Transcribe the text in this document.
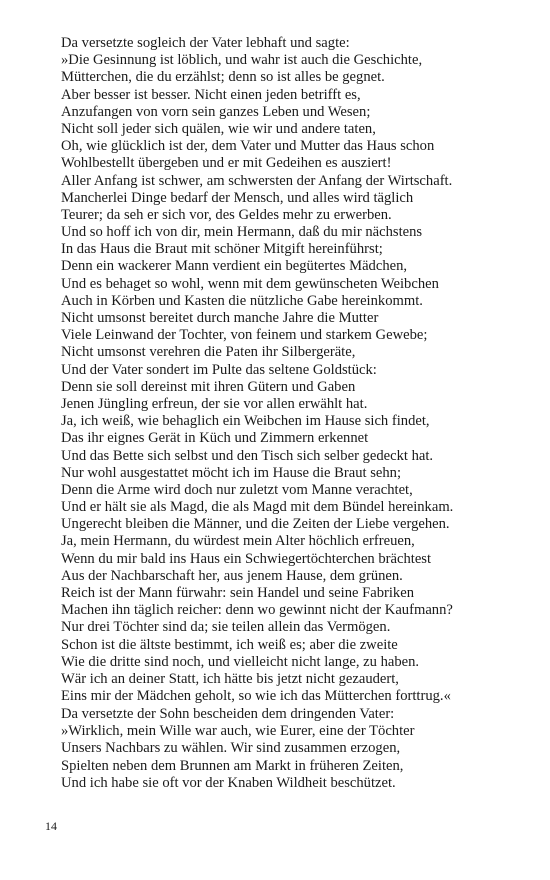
Da versetzte sogleich der Vater lebhaft und sagte:
»Die Gesinnung ist löblich, und wahr ist auch die Geschichte,
Mütterchen, die du erzählst; denn so ist alles be gegnet.
Aber besser ist besser. Nicht einen jeden betrifft es,
Anzufangen von vorn sein ganzes Leben und Wesen;
Nicht soll jeder sich quälen, wie wir und andere taten,
Oh, wie glücklich ist der, dem Vater und Mutter das Haus schon
Wohlbestellt übergeben und er mit Gedeihen es ausziert!
Aller Anfang ist schwer, am schwersten der Anfang der Wirtschaft.
Mancherlei Dinge bedarf der Mensch, und alles wird täglich
Teurer; da seh er sich vor, des Geldes mehr zu erwerben.
Und so hoff ich von dir, mein Hermann, daß du mir nächstens
In das Haus die Braut mit schöner Mitgift hereinführst;
Denn ein wackerer Mann verdient ein begütertes Mädchen,
Und es behaget so wohl, wenn mit dem gewünscheten Weibchen
Auch in Körben und Kasten die nützliche Gabe hereinkommt.
Nicht umsonst bereitet durch manche Jahre die Mutter
Viele Leinwand der Tochter, von feinem und starkem Gewebe;
Nicht umsonst verehren die Paten ihr Silbergeräte,
Und der Vater sondert im Pulte das seltene Goldstück:
Denn sie soll dereinst mit ihren Gütern und Gaben
Jenen Jüngling erfreun, der sie vor allen erwählt hat.
Ja, ich weiß, wie behaglich ein Weibchen im Hause sich findet,
Das ihr eignes Gerät in Küch und Zimmern erkennet
Und das Bette sich selbst und den Tisch sich selber gedeckt hat.
Nur wohl ausgestattet möcht ich im Hause die Braut sehn;
Denn die Arme wird doch nur zuletzt vom Manne verachtet,
Und er hält sie als Magd, die als Magd mit dem Bündel hereinkam.
Ungerecht bleiben die Männer, und die Zeiten der Liebe vergehen.
Ja, mein Hermann, du würdest mein Alter höchlich erfreuen,
Wenn du mir bald ins Haus ein Schwiegertöchterchen brächtest
Aus der Nachbarschaft her, aus jenem Hause, dem grünen.
Reich ist der Mann fürwahr: sein Handel und seine Fabriken
Machen ihn täglich reicher: denn wo gewinnt nicht der Kaufmann?
Nur drei Töchter sind da; sie teilen allein das Vermögen.
Schon ist die ältste bestimmt, ich weiß es; aber die zweite
Wie die dritte sind noch, und vielleicht nicht lange, zu haben.
Wär ich an deiner Statt, ich hätte bis jetzt nicht gezaudert,
Eins mir der Mädchen geholt, so wie ich das Mütterchen forttrug.«
Da versetzte der Sohn bescheiden dem dringenden Vater:
»Wirklich, mein Wille war auch, wie Eurer, eine der Töchter
Unsers Nachbars zu wählen. Wir sind zusammen erzogen,
Spielten neben dem Brunnen am Markt in früheren Zeiten,
Und ich habe sie oft vor der Knaben Wildheit beschützet.
14
